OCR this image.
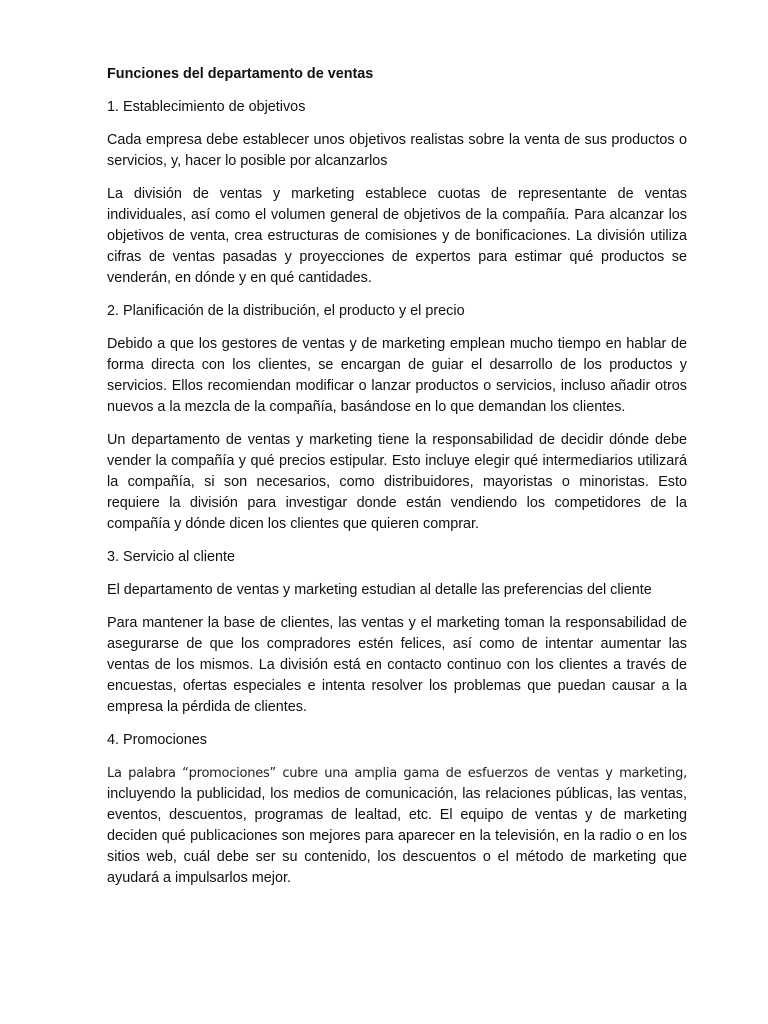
Funciones del departamento de ventas

1. Establecimiento de objetivos

Cada empresa debe establecer unos objetivos realistas sobre la venta de sus productos o servicios, y, hacer lo posible por alcanzarlos

La división de ventas y marketing establece cuotas de representante de ventas individuales, así como el volumen general de objetivos de la compañía. Para alcanzar los objetivos de venta, crea estructuras de comisiones y de bonificaciones. La división utiliza cifras de ventas pasadas y proyecciones de expertos para estimar qué productos se venderán, en dónde y en qué cantidades.

2. Planificación de la distribución, el producto y el precio

Debido a que los gestores de ventas y de marketing emplean mucho tiempo en hablar de forma directa con los clientes, se encargan de guiar el desarrollo de los productos y servicios. Ellos recomiendan modificar o lanzar productos o servicios, incluso añadir otros nuevos a la mezcla de la compañía, basándose en lo que demandan los clientes.

Un departamento de ventas y marketing tiene la responsabilidad de decidir dónde debe vender la compañía y qué precios estipular. Esto incluye elegir qué intermediarios utilizará la compañía, si son necesarios, como distribuidores, mayoristas o minoristas. Esto requiere la división para investigar donde están vendiendo los competidores de la compañía y dónde dicen los clientes que quieren comprar.

3. Servicio al cliente

El departamento de ventas y marketing estudian al detalle las preferencias del cliente

Para mantener la base de clientes, las ventas y el marketing toman la responsabilidad de asegurarse de que los compradores estén felices, así como de intentar aumentar las ventas de los mismos. La división está en contacto continuo con los clientes a través de encuestas, ofertas especiales e intenta resolver los problemas que puedan causar a la empresa la pérdida de clientes.

4. Promociones

La palabra “promociones” cubre una amplia gama de esfuerzos de ventas y marketing, incluyendo la publicidad, los medios de comunicación, las relaciones públicas, las ventas, eventos, descuentos, programas de lealtad, etc. El equipo de ventas y de marketing deciden qué publicaciones son mejores para aparecer en la televisión, en la radio o en los sitios web, cuál debe ser su contenido, los descuentos o el método de marketing que ayudará a impulsarlos mejor.
